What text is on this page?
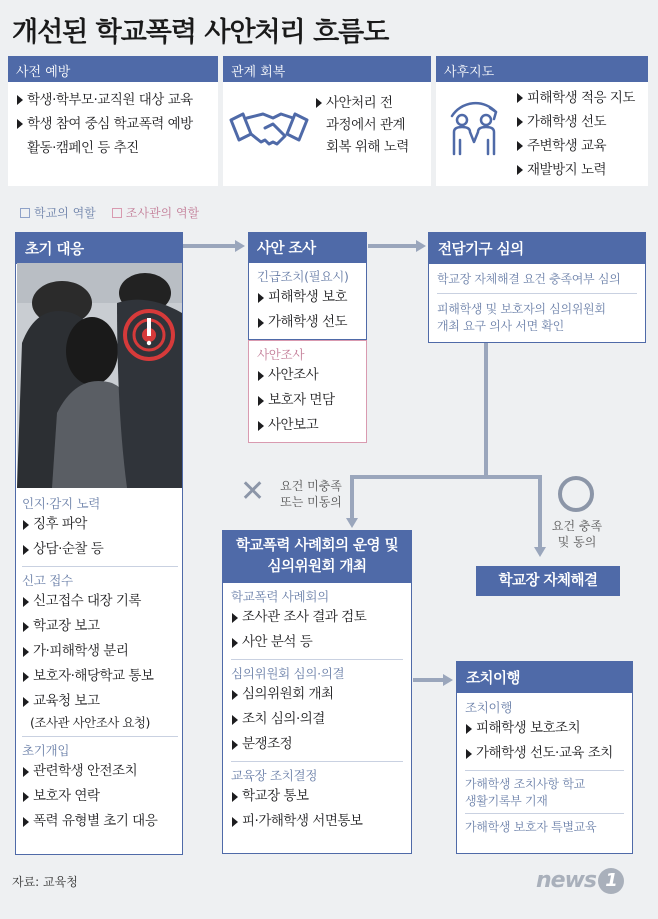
개선된 학교폭력 사안처리 흐름도
사전 예방
학생·학부모·교직원 대상 교육
학생 참여 중심 학교폭력 예방
활동·캠페인 등 추진
관계 회복
사안처리 전
과정에서 관계
회복 위해 노력
사후지도
피해학생 적응 지도
가해학생 선도
주변학생 교육
재발방지 노력
학교의 역할	조사관의 역할
초기 대응
인지·감지 노력
징후 파악
상담·순찰 등
신고 접수
신고접수 대장 기록
학교장 보고
가·피해학생 분리
보호자·해당학교 통보
교육청 보고
(조사관 사안조사 요청)
초기개입
관련학생 안전조치
보호자 연락
폭력 유형별 초기 대응
사안 조사
긴급조치(필요시)
피해학생 보호
가해학생 선도
사안조사
사안조사
보호자 면담
사안보고
전담기구 심의
학교장 자체해결 요건 충족여부 심의
피해학생 및 보호자의 심의위원회
개최 요구 의사 서면 확인
✕	요건 미충족
또는 미동의
요건 충족
및 동의
학교장 자체해결
학교폭력 사례회의 운영 및
심의위원회 개최
학교폭력 사례회의
조사관 조사 결과 검토
사안 분석 등
심의위원회 심의·의결
심의위원회 개최
조치 심의·의결
분쟁조정
교육장 조치결정
학교장 통보
피·가해학생 서면통보
조치이행
조치이행
피해학생 보호조치
가해학생 선도·교육 조치
가해학생 조치사항 학교
생활기록부 기재
가해학생 보호자 특별교육
자료: 교육청	news 1
